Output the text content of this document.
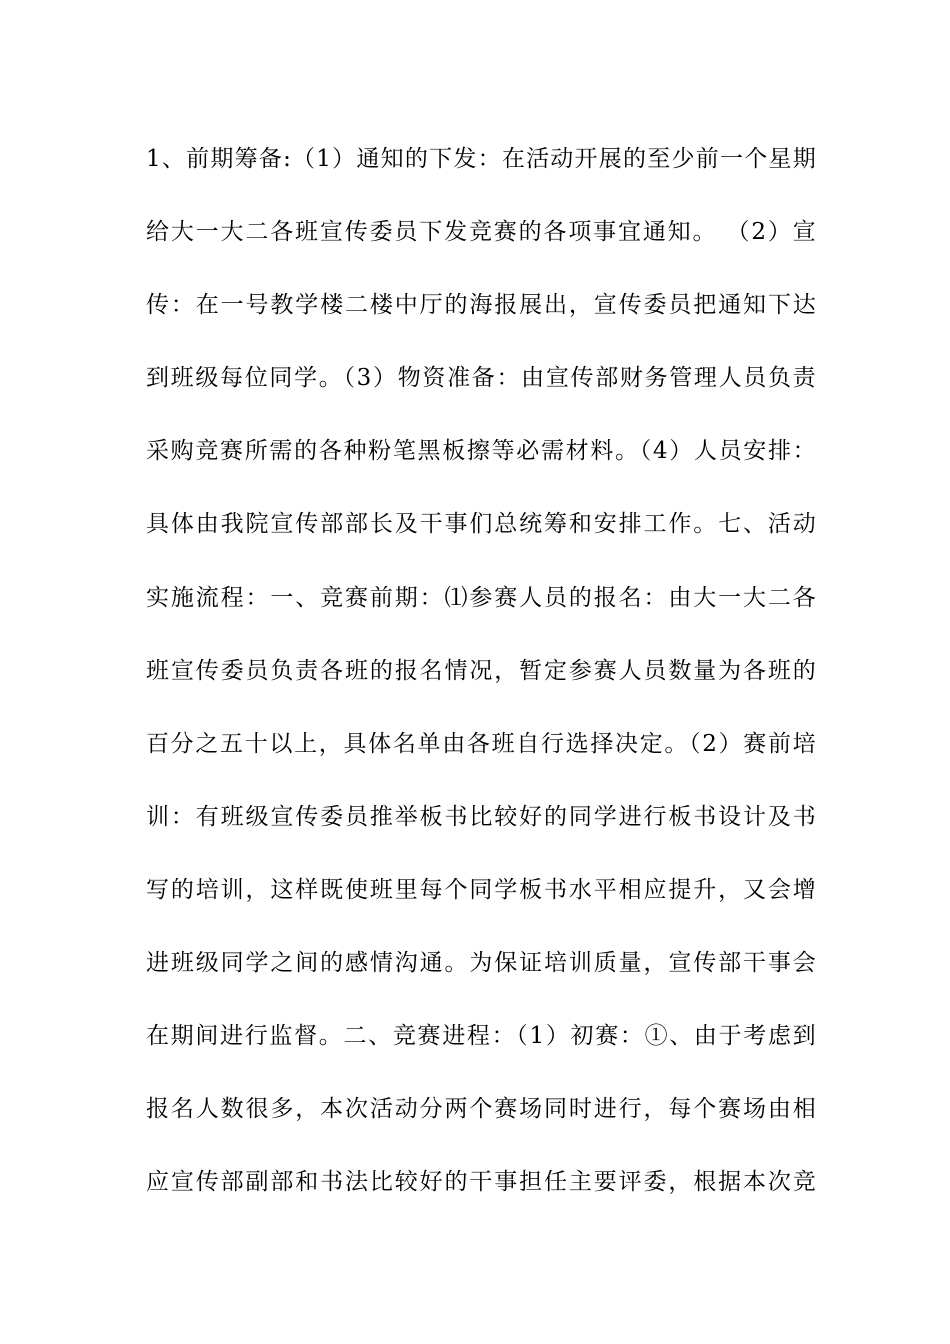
1、前期筹备:（1）通知的下发：在活动开展的至少前一个星期
给大一大二各班宣传委员下发竞赛的各项事宜通知。 （2）宣
传：在一号教学楼二楼中厅的海报展出，宣传委员把通知下达
到班级每位同学。（3）物资准备：由宣传部财务管理人员负责
采购竞赛所需的各种粉笔黑板擦等必需材料。（4）人员安排：
具体由我院宣传部部长及干事们总统筹和安排工作。七、活动
实施流程：一、竞赛前期：⑴参赛人员的报名：由大一大二各
班宣传委员负责各班的报名情况，暂定参赛人员数量为各班的
百分之五十以上，具体名单由各班自行选择决定。（2）赛前培
训：有班级宣传委员推举板书比较好的同学进行板书设计及书
写的培训，这样既使班里每个同学板书水平相应提升，又会增
进班级同学之间的感情沟通。为保证培训质量，宣传部干事会
在期间进行监督。二、竞赛进程：（1）初赛：①、由于考虑到
报名人数很多，本次活动分两个赛场同时进行，每个赛场由相
应宣传部副部和书法比较好的干事担任主要评委，根据本次竞
